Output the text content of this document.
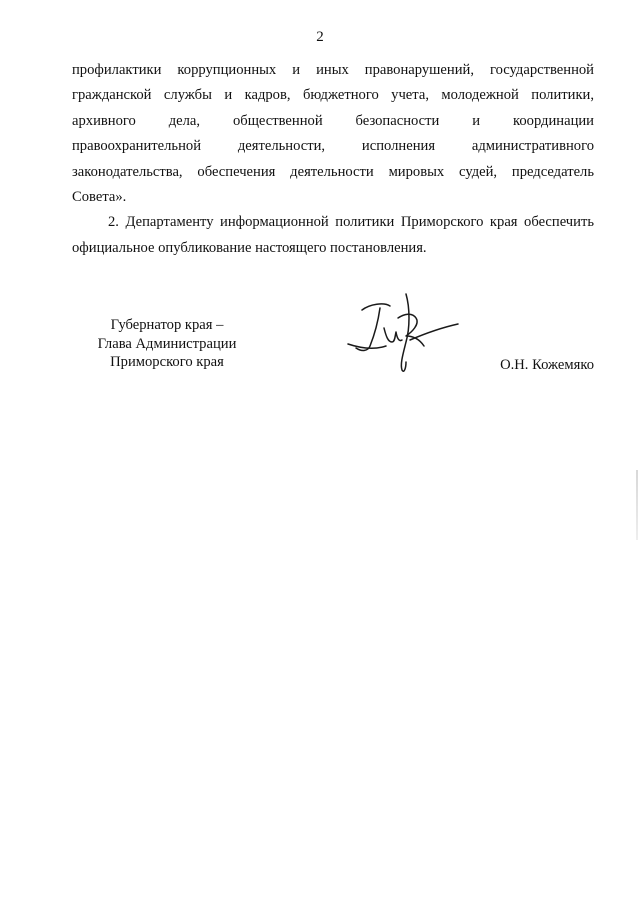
2
профилактики коррупционных и иных правонарушений, государственной
гражданской службы и кадров, бюджетного учета, молодежной политики,
архивного дела, общественной безопасности и координации
правоохранительной деятельности, исполнения административного
законодательства, обеспечения деятельности мировых судей, председатель
Совета».
2. Департаменту информационной политики Приморского края обеспечить
официальное опубликование настоящего постановления.
Губернатор края –
Глава Администрации
Приморского края	О.Н. Кожемяко
